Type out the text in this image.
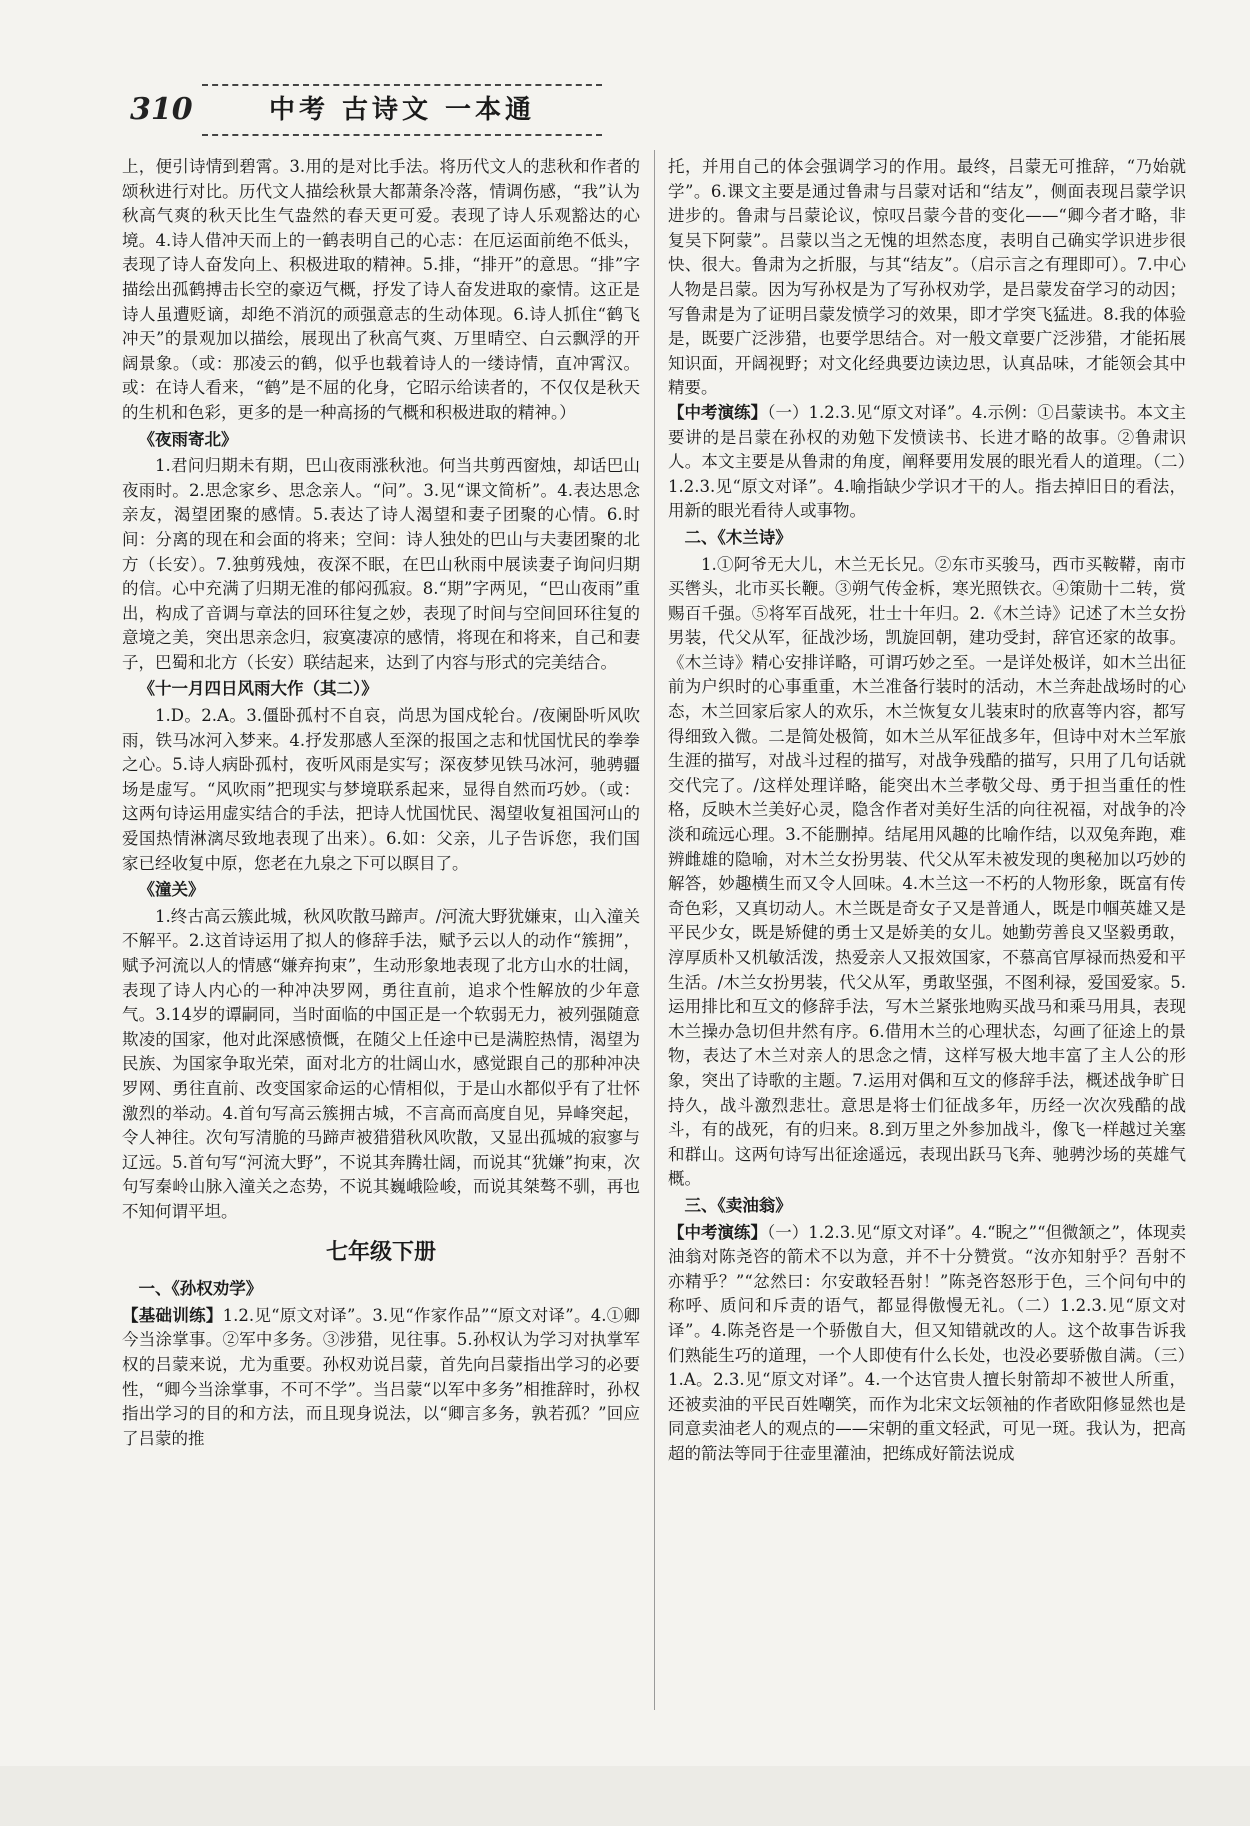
310	中考 古诗文 一本通

上，便引诗情到碧霄。3.用的是对比手法。将历代文人的悲秋和作者的颂秋进行对比。历代文人描绘秋景大都萧条冷落，情调伤感，“我”认为秋高气爽的秋天比生气盎然的春天更可爱。表现了诗人乐观豁达的心境。4.诗人借冲天而上的一鹤表明自己的心志：在厄运面前绝不低头，表现了诗人奋发向上、积极进取的精神。5.排，“排开”的意思。“排”字描绘出孤鹤搏击长空的豪迈气概，抒发了诗人奋发进取的豪情。这正是诗人虽遭贬谪，却绝不消沉的顽强意志的生动体现。6.诗人抓住“鹤飞冲天”的景观加以描绘，展现出了秋高气爽、万里晴空、白云飘浮的开阔景象。（或：那凌云的鹤，似乎也载着诗人的一缕诗情，直冲霄汉。或：在诗人看来，“鹤”是不屈的化身，它昭示给读者的，不仅仅是秋天的生机和色彩，更多的是一种高扬的气概和积极进取的精神。）

《夜雨寄北》

1.君问归期未有期，巴山夜雨涨秋池。何当共剪西窗烛，却话巴山夜雨时。2.思念家乡、思念亲人。“问”。3.见“课文简析”。4.表达思念亲友，渴望团聚的感情。5.表达了诗人渴望和妻子团聚的心情。6.时间：分离的现在和会面的将来；空间：诗人独处的巴山与夫妻团聚的北方（长安）。7.独剪残烛，夜深不眠，在巴山秋雨中展读妻子询问归期的信。心中充满了归期无准的郁闷孤寂。8.“期”字两见，“巴山夜雨”重出，构成了音调与章法的回环往复之妙，表现了时间与空间回环往复的意境之美，突出思亲念归，寂寞凄凉的感情，将现在和将来，自己和妻子，巴蜀和北方（长安）联结起来，达到了内容与形式的完美结合。

《十一月四日风雨大作（其二）》

1.D。2.A。3.僵卧孤村不自哀，尚思为国戍轮台。/夜阑卧听风吹雨，铁马冰河入梦来。4.抒发那感人至深的报国之志和忧国忧民的拳拳之心。5.诗人病卧孤村，夜听风雨是实写；深夜梦见铁马冰河，驰骋疆场是虚写。“风吹雨”把现实与梦境联系起来，显得自然而巧妙。（或：这两句诗运用虚实结合的手法，把诗人忧国忧民、渴望收复祖国河山的爱国热情淋漓尽致地表现了出来）。6.如：父亲，儿子告诉您，我们国家已经收复中原，您老在九泉之下可以瞑目了。

《潼关》

1.终古高云簇此城，秋风吹散马蹄声。/河流大野犹嫌束，山入潼关不解平。2.这首诗运用了拟人的修辞手法，赋予云以人的动作“簇拥”，赋予河流以人的情感“嫌弃拘束”，生动形象地表现了北方山水的壮阔，表现了诗人内心的一种冲决罗网，勇往直前，追求个性解放的少年意气。3.14岁的谭嗣同，当时面临的中国正是一个软弱无力，被列强随意欺凌的国家，他对此深感愤慨，在随父上任途中已是满腔热情，渴望为民族、为国家争取光荣，面对北方的壮阔山水，感觉跟自己的那种冲决罗网、勇往直前、改变国家命运的心情相似，于是山水都似乎有了壮怀激烈的举动。4.首句写高云簇拥古城，不言高而高度自见，异峰突起，令人神往。次句写清脆的马蹄声被猎猎秋风吹散，又显出孤城的寂寥与辽远。5.首句写“河流大野”，不说其奔腾壮阔，而说其“犹嫌”拘束，次句写秦岭山脉入潼关之态势，不说其巍峨险峻，而说其桀骜不驯，再也不知何谓平坦。

七年级下册
一、《孙权劝学》

【基础训练】1.2.见“原文对译”。3.见“作家作品”“原文对译”。4.①卿今当涂掌事。②军中多务。③涉猎，见往事。5.孙权认为学习对执掌军权的吕蒙来说，尤为重要。孙权劝说吕蒙，首先向吕蒙指出学习的必要性，“卿今当涂掌事，不可不学”。当吕蒙“以军中多务”相推辞时，孙权指出学习的目的和方法，而且现身说法，以“卿言多务，孰若孤？”回应了吕蒙的推

托，并用自己的体会强调学习的作用。最终，吕蒙无可推辞，“乃始就学”。6.课文主要是通过鲁肃与吕蒙对话和“结友”，侧面表现吕蒙学识进步的。鲁肃与吕蒙论议，惊叹吕蒙今昔的变化——“卿今者才略，非复吴下阿蒙”。吕蒙以当之无愧的坦然态度，表明自己确实学识进步很快、很大。鲁肃为之折服，与其“结友”。（启示言之有理即可）。7.中心人物是吕蒙。因为写孙权是为了写孙权劝学，是吕蒙发奋学习的动因；写鲁肃是为了证明吕蒙发愤学习的效果，即才学突飞猛进。8.我的体验是，既要广泛涉猎，也要学思结合。对一般文章要广泛涉猎，才能拓展知识面，开阔视野；对文化经典要边读边思，认真品味，才能领会其中精要。

【中考演练】（一）1.2.3.见“原文对译”。4.示例：①吕蒙读书。本文主要讲的是吕蒙在孙权的劝勉下发愤读书、长进才略的故事。②鲁肃识人。本文主要是从鲁肃的角度，阐释要用发展的眼光看人的道理。（二）1.2.3.见“原文对译”。4.喻指缺少学识才干的人。指去掉旧日的看法，用新的眼光看待人或事物。

二、《木兰诗》

1.①阿爷无大儿，木兰无长兄。②东市买骏马，西市买鞍鞯，南市买辔头，北市买长鞭。③朔气传金柝，寒光照铁衣。④策勋十二转，赏赐百千强。⑤将军百战死，壮士十年归。2.《木兰诗》记述了木兰女扮男装，代父从军，征战沙场，凯旋回朝，建功受封，辞官还家的故事。《木兰诗》精心安排详略，可谓巧妙之至。一是详处极详，如木兰出征前为户织时的心事重重，木兰准备行装时的活动，木兰奔赴战场时的心态，木兰回家后家人的欢乐，木兰恢复女儿装束时的欣喜等内容，都写得细致入微。二是简处极简，如木兰从军征战多年，但诗中对木兰军旅生涯的描写，对战斗过程的描写，对战争残酷的描写，只用了几句话就交代完了。/这样处理详略，能突出木兰孝敬父母、勇于担当重任的性格，反映木兰美好心灵，隐含作者对美好生活的向往祝福，对战争的冷淡和疏远心理。3.不能删掉。结尾用风趣的比喻作结，以双兔奔跑，难辨雌雄的隐喻，对木兰女扮男装、代父从军未被发现的奥秘加以巧妙的解答，妙趣横生而又令人回味。4.木兰这一不朽的人物形象，既富有传奇色彩，又真切动人。木兰既是奇女子又是普通人，既是巾帼英雄又是平民少女，既是矫健的勇士又是娇美的女儿。她勤劳善良又坚毅勇敢，淳厚质朴又机敏活泼，热爱亲人又报效国家，不慕高官厚禄而热爱和平生活。/木兰女扮男装，代父从军，勇敢坚强，不图利禄，爱国爱家。5.运用排比和互文的修辞手法，写木兰紧张地购买战马和乘马用具，表现木兰操办急切但井然有序。6.借用木兰的心理状态，勾画了征途上的景物，表达了木兰对亲人的思念之情，这样写极大地丰富了主人公的形象，突出了诗歌的主题。7.运用对偶和互文的修辞手法，概述战争旷日持久，战斗激烈悲壮。意思是将士们征战多年，历经一次次残酷的战斗，有的战死，有的归来。8.到万里之外参加战斗，像飞一样越过关塞和群山。这两句诗写出征途遥远，表现出跃马飞奔、驰骋沙场的英雄气概。

三、《卖油翁》

【中考演练】（一）1.2.3.见“原文对译”。4.“睨之”“但微颔之”，体现卖油翁对陈尧咨的箭术不以为意，并不十分赞赏。“汝亦知射乎？吾射不亦精乎？”“忿然曰：尔安敢轻吾射！”陈尧咨怒形于色，三个问句中的称呼、质问和斥责的语气，都显得傲慢无礼。（二）1.2.3.见“原文对译”。4.陈尧咨是一个骄傲自大，但又知错就改的人。这个故事告诉我们熟能生巧的道理，一个人即使有什么长处，也没必要骄傲自满。（三）1.A。2.3.见“原文对译”。4.一个达官贵人擅长射箭却不被世人所重，还被卖油的平民百姓嘲笑，而作为北宋文坛领袖的作者欧阳修显然也是同意卖油老人的观点的——宋朝的重文轻武，可见一斑。我认为，把高超的箭法等同于往壶里灌油，把练成好箭法说成
